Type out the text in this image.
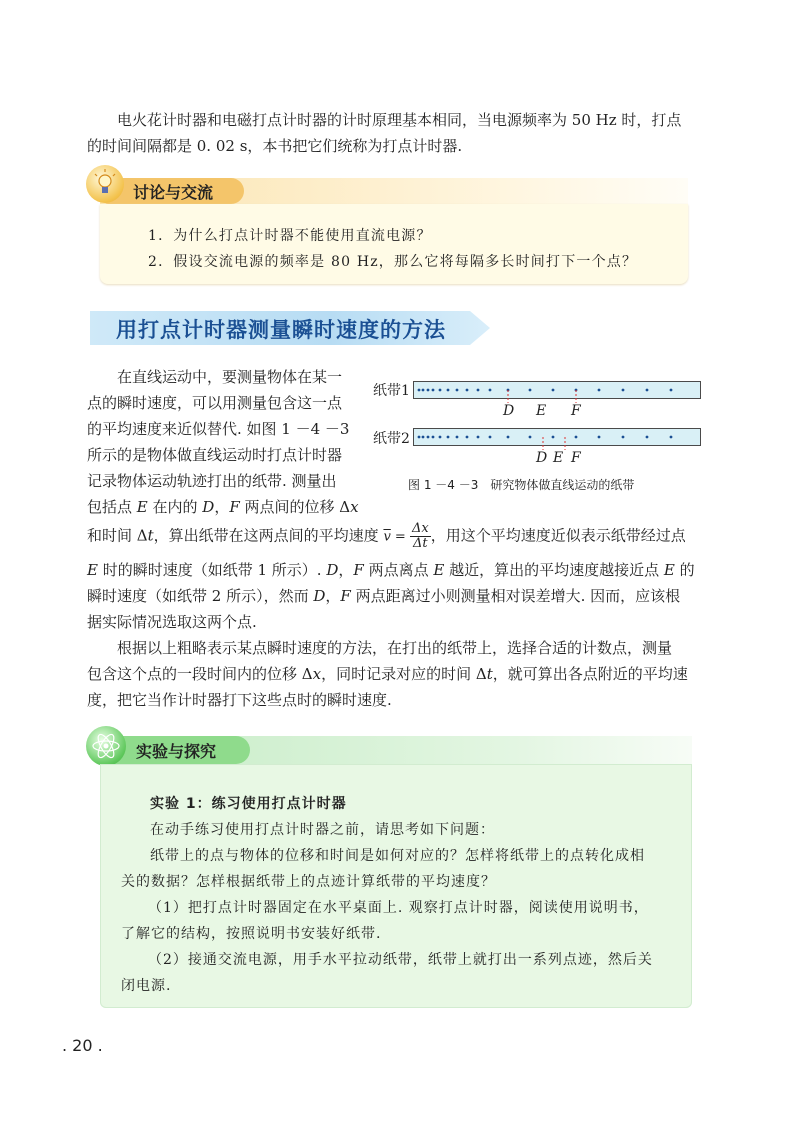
电火花计时器和电磁打点计时器的计时原理基本相同，当电源频率为 50 Hz 时，打点

的时间间隔都是 0. 02 s，本书把它们统称为打点计时器.

讨论与交流
1．为什么打点计时器不能使用直流电源？
2．假设交流电源的频率是 80 Hz，那么它将每隔多长时间打下一个点？
用打点计时器测量瞬时速度的方法

在直线运动中，要测量物体在某一

点的瞬时速度，可以用测量包含这一点

的平均速度来近似替代. 如图 1 －4 －3

所示的是物体做直线运动时打点计时器

记录物体运动轨迹打出的纸带. 测量出

包括点 E 在内的 D，F 两点间的位移 Δx

纸带1
D E F
纸带2
D E F
图 1 －4 －3　研究物体做直线运动的纸带

和时间 Δt，算出纸带在这两点间的平均速度 $\overline{v} = \frac{\Delta x}{\Delta t}$ ，用这个平均速度近似表示纸带经过点

E 时的瞬时速度（如纸带 1 所示）. D，F 两点离点 E 越近，算出的平均速度越接近点 E 的

瞬时速度（如纸带 2 所示），然而 D，F 两点距离过小则测量相对误差增大. 因而，应该根

据实际情况选取这两个点.

根据以上粗略表示某点瞬时速度的方法，在打出的纸带上，选择合适的计数点，测量

包含这个点的一段时间内的位移 Δx，同时记录对应的时间 Δt，就可算出各点附近的平均速

度，把它当作计时器打下这些点时的瞬时速度.

实验与探究
实验 1：练习使用打点计时器
在动手练习使用打点计时器之前，请思考如下问题：
纸带上的点与物体的位移和时间是如何对应的？怎样将纸带上的点转化成相
关的数据？怎样根据纸带上的点迹计算纸带的平均速度？
（1）把打点计时器固定在水平桌面上. 观察打点计时器，阅读使用说明书，
了解它的结构，按照说明书安装好纸带.
（2）接通交流电源，用手水平拉动纸带，纸带上就打出一系列点迹，然后关
闭电源.
. 20 .
